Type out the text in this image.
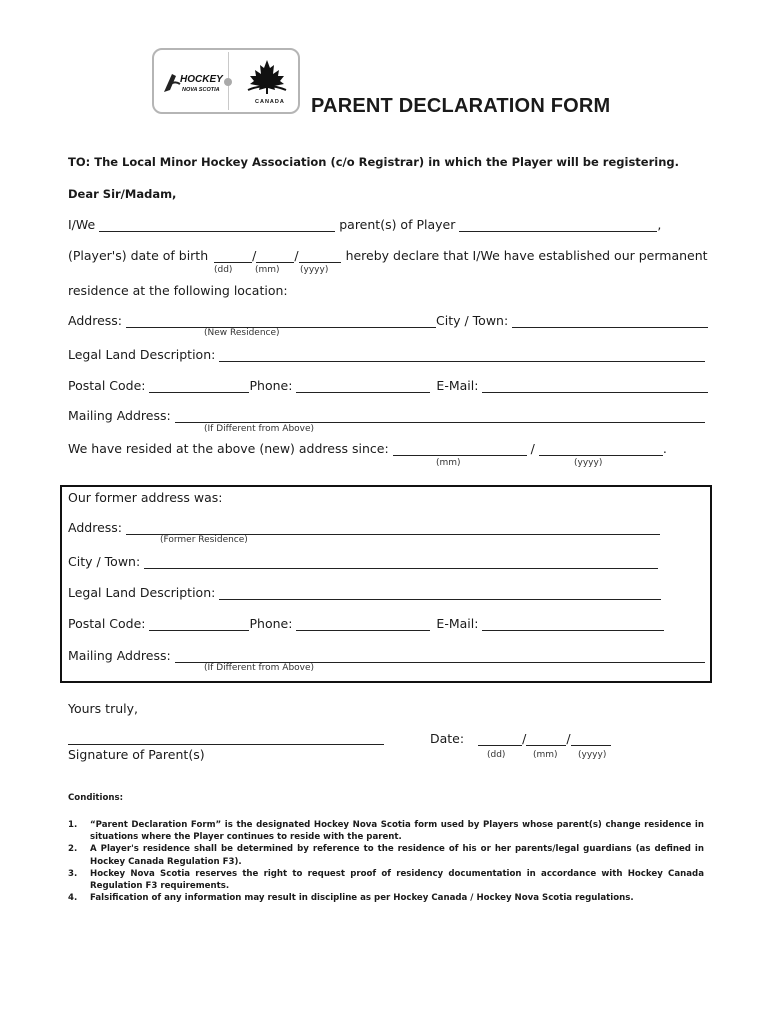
HOCKEY
NOVA SCOTIA
CANADA PARENT DECLARATION FORM
TO: The Local Minor Hockey Association (c/o Registrar) in which the Player will be registering.
Dear Sir/Madam,
I/We	parent(s) of Player	,
(Player's) date of birth	/	/	hereby declare that I/We have established our permanent
(dd)	(mm) (yyyy)
residence at the following location:
Address:	City / Town:
(New Residence)
Legal Land Description:
Postal Code:	Phone:	E-Mail:
Mailing Address:
(If Different from Above)
We have resided at the above (new) address since:	/	.
(mm)	(yyyy)
Our former address was:
Address:
(Former Residence)
City / Town:
Legal Land Description:
Postal Code:	Phone:	E-Mail:
Mailing Address:
(If Different from Above)
Yours truly,
Signature of Parent(s)
Date:	/	/
(dd)	(mm) (yyyy)
Conditions:
1.	“Parent Declaration Form” is the designated Hockey Nova Scotia form used by Players whose parent(s) change residence in situations where the Player continues to reside with the parent.
2.	A Player's residence shall be determined by reference to the residence of his or her parents/legal guardians (as defined in Hockey Canada Regulation F3).
3.	Hockey Nova Scotia reserves the right to request proof of residency documentation in accordance with Hockey Canada Regulation F3 requirements.
4.	Falsification of any information may result in discipline as per Hockey Canada / Hockey Nova Scotia regulations.
